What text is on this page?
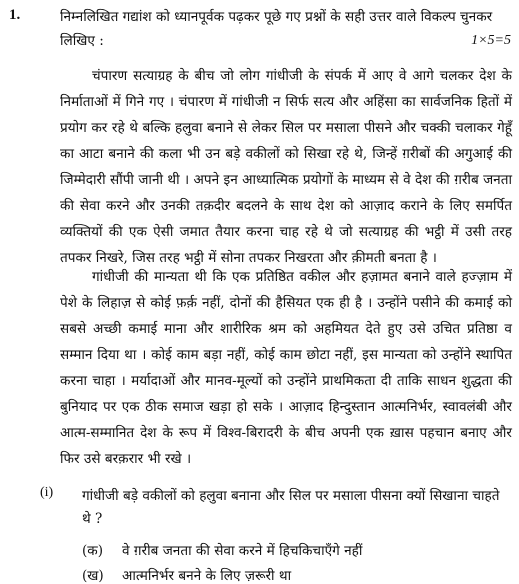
1.	निम्नलिखित गद्यांश को ध्यानपूर्वक पढ़कर पूछे गए प्रश्नों के सही उत्तर वाले विकल्प चुनकर लिखिए :	1×5=5

चंपारण सत्याग्रह के बीच जो लोग गांधीजी के संपर्क में आए वे आगे चलकर देश के निर्माताओं में गिने गए । चंपारण में गांधीजी न सिर्फ सत्य और अहिंसा का सार्वजनिक हितों में प्रयोग कर रहे थे बल्कि हलुवा बनाने से लेकर सिल पर मसाला पीसने और चक्की चलाकर गेहूँ का आटा बनाने की कला भी उन बड़े वकीलों को सिखा रहे थे, जिन्हें ग़रीबों की अगुआई की जिम्मेदारी सौंपी जानी थी । अपने इन आध्यात्मिक प्रयोगों के माध्यम से वे देश की ग़रीब जनता की सेवा करने और उनकी तक़दीर बदलने के साथ देश को आज़ाद कराने के लिए समर्पित व्यक्तियों की एक ऐसी जमात तैयार करना चाह रहे थे जो सत्याग्रह की भट्ठी में उसी तरह तपकर निखरे, जिस तरह भट्ठी में सोना तपकर निखरता और क़ीमती बनता है ।

गांधीजी की मान्यता थी कि एक प्रतिष्ठित वकील और हज़ामत बनाने वाले हज्ज़ाम में पेशे के लिहाज़ से कोई फ़र्क़ नहीं, दोनों की हैसियत एक ही है । उन्होंने पसीने की कमाई को सबसे अच्छी कमाई माना और शारीरिक श्रम को अहमियत देते हुए उसे उचित प्रतिष्ठा व सम्मान दिया था । कोई काम बड़ा नहीं, कोई काम छोटा नहीं, इस मान्यता को उन्होंने स्थापित करना चाहा । मर्यादाओं और मानव-मूल्यों को उन्होंने प्राथमिकता दी ताकि साधन शुद्धता की बुनियाद पर एक ठीक समाज खड़ा हो सके । आज़ाद हिन्दुस्तान आत्मनिर्भर, स्वावलंबी और आत्म-सम्मानित देश के रूप में विश्व-बिरादरी के बीच अपनी एक ख़ास पहचान बनाए और फिर उसे बरक़रार भी रखे ।

(i) गांधीजी बड़े वकीलों को हलुवा बनाना और सिल पर मसाला पीसना क्यों सिखाना चाहते थे ?
(क) वे ग़रीब जनता की सेवा करने में हिचकिचाएँगे नहीं
(ख) आत्मनिर्भर बनने के लिए ज़रूरी था
